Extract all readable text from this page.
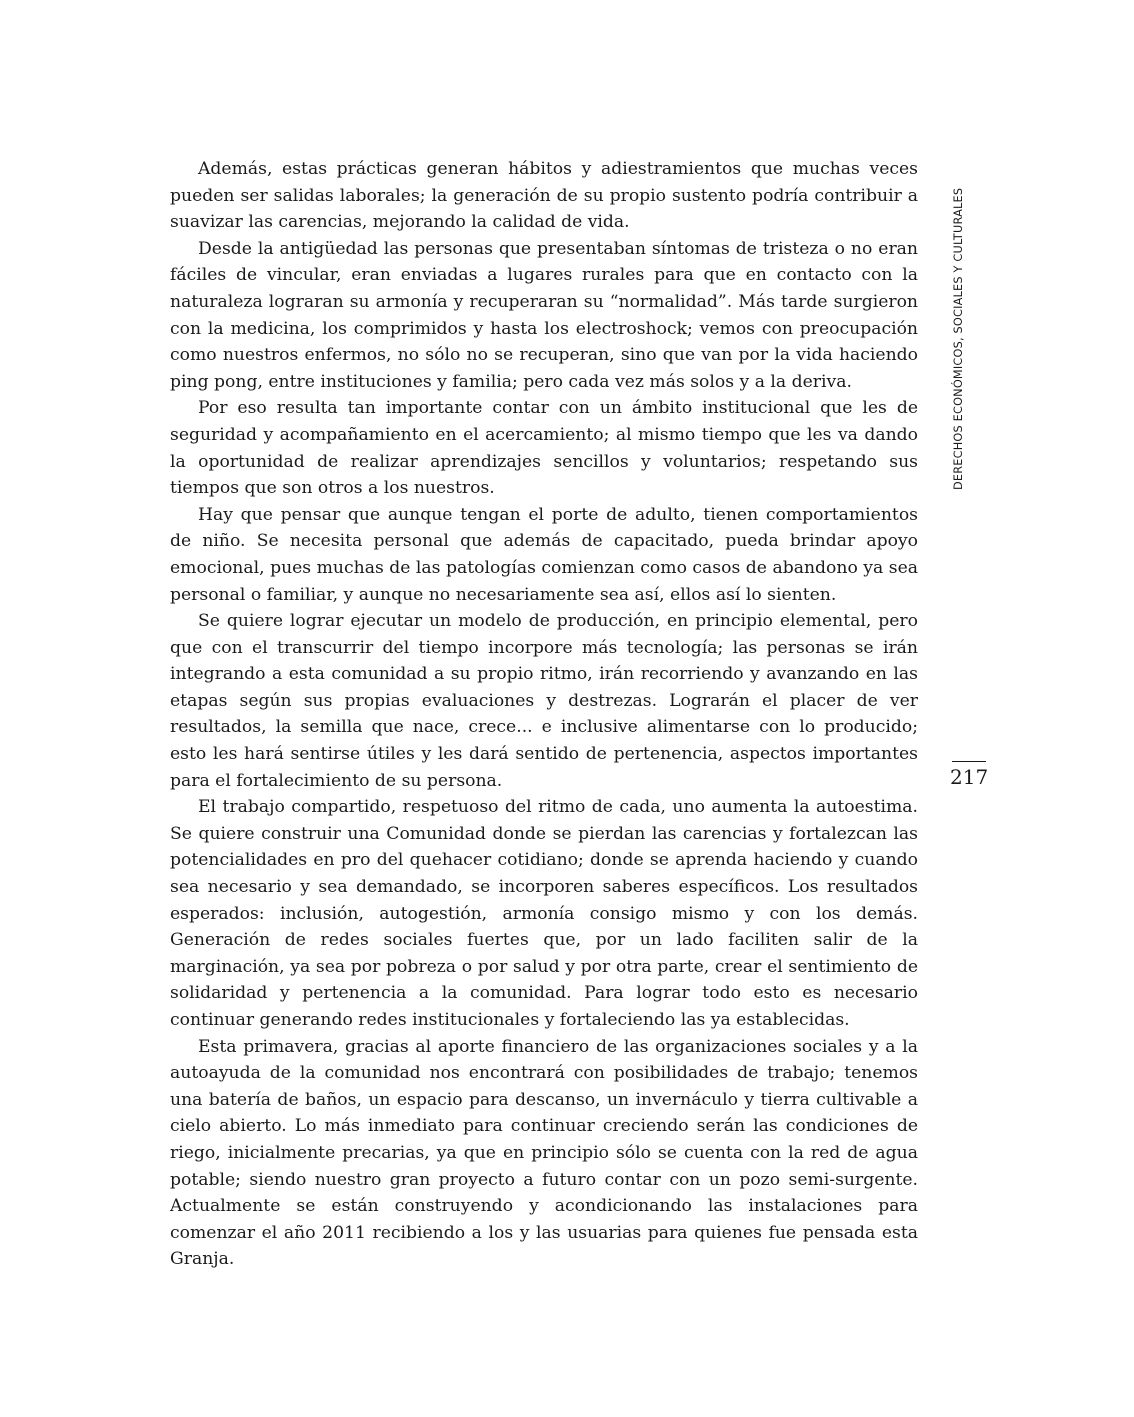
Además, estas prácticas generan hábitos y adiestramientos que muchas veces pueden ser salidas laborales; la generación de su propio sustento podría contribuir a suavizar las carencias, mejorando la calidad de vida.

Desde la antigüedad las personas que presentaban síntomas de tristeza o no eran fáciles de vincular, eran enviadas a lugares rurales para que en contacto con la naturaleza lograran su armonía y recuperaran su “normalidad”. Más tarde surgieron con la medicina, los comprimidos y hasta los electroshock; vemos con preocupación como nuestros enfermos, no sólo no se recuperan, sino que van por la vida haciendo ping pong, entre instituciones y familia; pero cada vez más solos y a la deriva.

Por eso resulta tan importante contar con un ámbito institucional que les de seguridad y acompañamiento en el acercamiento; al mismo tiempo que les va dando la oportunidad de realizar aprendizajes sencillos y voluntarios; respetando sus tiempos que son otros a los nuestros.

Hay que pensar que aunque tengan el porte de adulto, tienen comportamientos de niño. Se necesita personal que además de capacitado, pueda brindar apoyo emocional, pues muchas de las patologías comienzan como casos de abandono ya sea personal o familiar, y aunque no necesariamente sea así, ellos así lo sienten.

Se quiere lograr ejecutar un modelo de producción, en principio elemental, pero que con el transcurrir del tiempo incorpore más tecnología; las personas se irán integrando a esta comunidad a su propio ritmo, irán recorriendo y avanzando en las etapas según sus propias evaluaciones y destrezas. Lograrán el placer de ver resultados, la semilla que nace, crece... e inclusive alimentarse con lo producido; esto les hará sentirse útiles y les dará sentido de pertenencia, aspectos importantes para el fortalecimiento de su persona.

El trabajo compartido, respetuoso del ritmo de cada, uno aumenta la autoestima. Se quiere construir una Comunidad donde se pierdan las carencias y fortalezcan las potencialidades en pro del quehacer cotidiano; donde se aprenda haciendo y cuando sea necesario y sea demandado, se incorporen saberes específicos. Los resultados esperados: inclusión, autogestión, armonía consigo mismo y con los demás. Generación de redes sociales fuertes que, por un lado faciliten salir de la marginación, ya sea por pobreza o por salud y por otra parte, crear el sentimiento de solidaridad y pertenencia a la comunidad. Para lograr todo esto es necesario continuar generando redes institucionales y fortaleciendo las ya establecidas.

Esta primavera, gracias al aporte financiero de las organizaciones sociales y a la autoayuda de la comunidad nos encontrará con posibilidades de trabajo; tenemos una batería de baños, un espacio para descanso, un invernáculo y tierra cultivable a cielo abierto. Lo más inmediato para continuar creciendo serán las condiciones de riego, inicialmente precarias, ya que en principio sólo se cuenta con la red de agua potable; siendo nuestro gran proyecto a futuro contar con un pozo semi-surgente. Actualmente se están construyendo y acondicionando las instalaciones para comenzar el año 2011 recibiendo a los y las usuarias para quienes fue pensada esta Granja.

DERECHOS ECONÓMICOS, SOCIALES Y CULTURALES
217
